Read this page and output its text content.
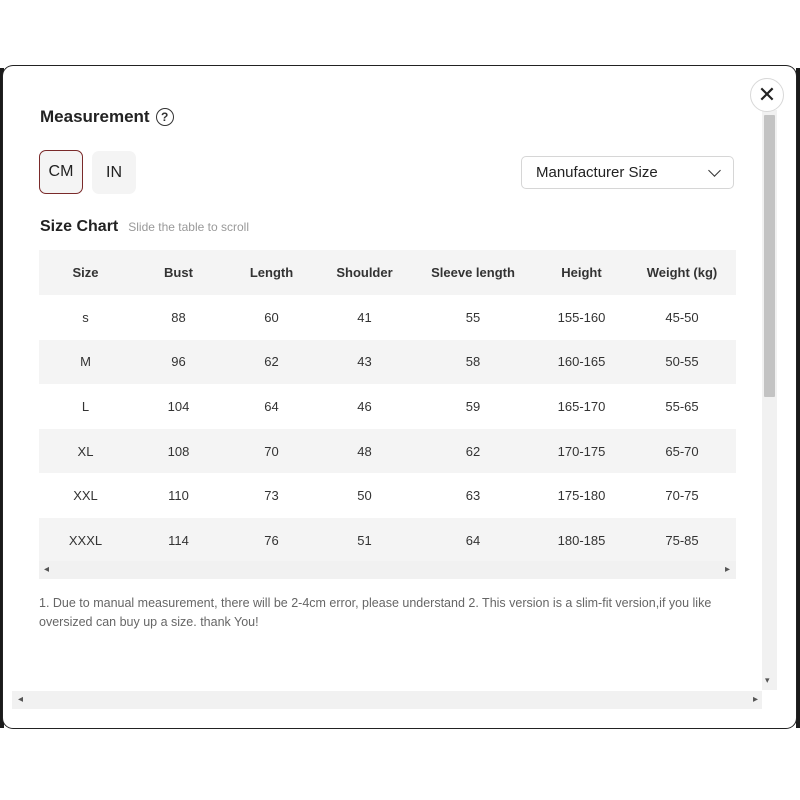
✕
Measurement ?
CM	IN	Manufacturer Size
Size Chart Slide the table to scroll
Size	Bust	Length	Shoulder	Sleeve length	Height	Weight (kg)
s	88	60	41	55	155-160	45-50
M	96	62	43	58	160-165	50-55
L	104	64	46	59	165-170	55-65
XL	108	70	48	62	170-175	65-70
XXL	110	73	50	63	175-180	70-75
XXXL	114	76	51	64	180-185	75-85
◂	▸
1. Due to manual measurement, there will be 2-4cm error, please understand 2. This version is a slim-fit version,if you like oversized can buy up a size. thank You!
▾
◂	▸
